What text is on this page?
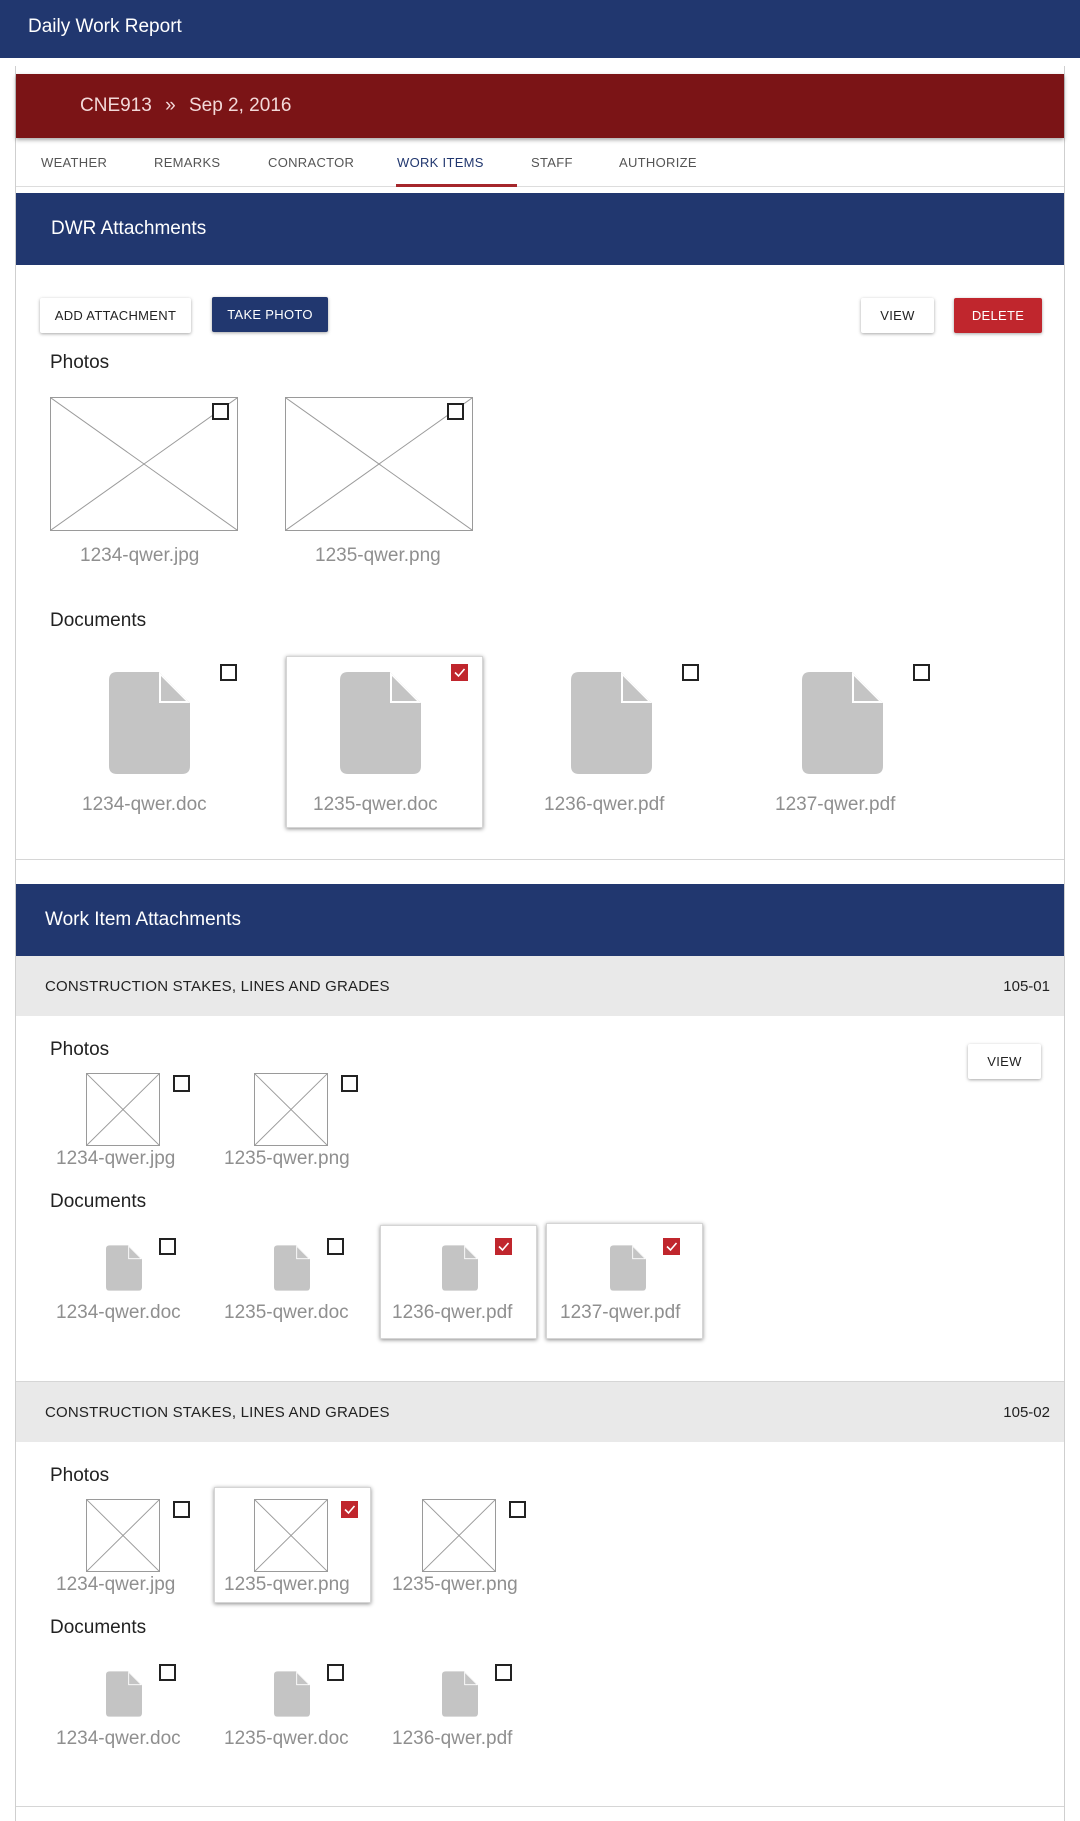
Daily Work Report
CNE913 » Sep 2, 2016
WEATHER	REMARKS	CONRACTOR	WORK ITEMS	STAFF	AUTHORIZE
DWR Attachments
ADD ATTACHMENT	TAKE PHOTO	VIEW	DELETE
Photos
1234-qwer.jpg	1235-qwer.png
Documents
1234-qwer.doc	1235-qwer.doc	1236-qwer.pdf	1237-qwer.pdf
Work Item Attachments
CONSTRUCTION STAKES, LINES AND GRADES	105-01
Photos
VIEW
1234-qwer.jpg	1235-qwer.png
Documents
1234-qwer.doc 1235-qwer.doc 1236-qwer.pdf	1237-qwer.pdf
CONSTRUCTION STAKES, LINES AND GRADES	105-02
Photos
1234-qwer.jpg	1235-qwer.png 1235-qwer.png
Documents
1234-qwer.doc 1235-qwer.doc 1236-qwer.pdf
